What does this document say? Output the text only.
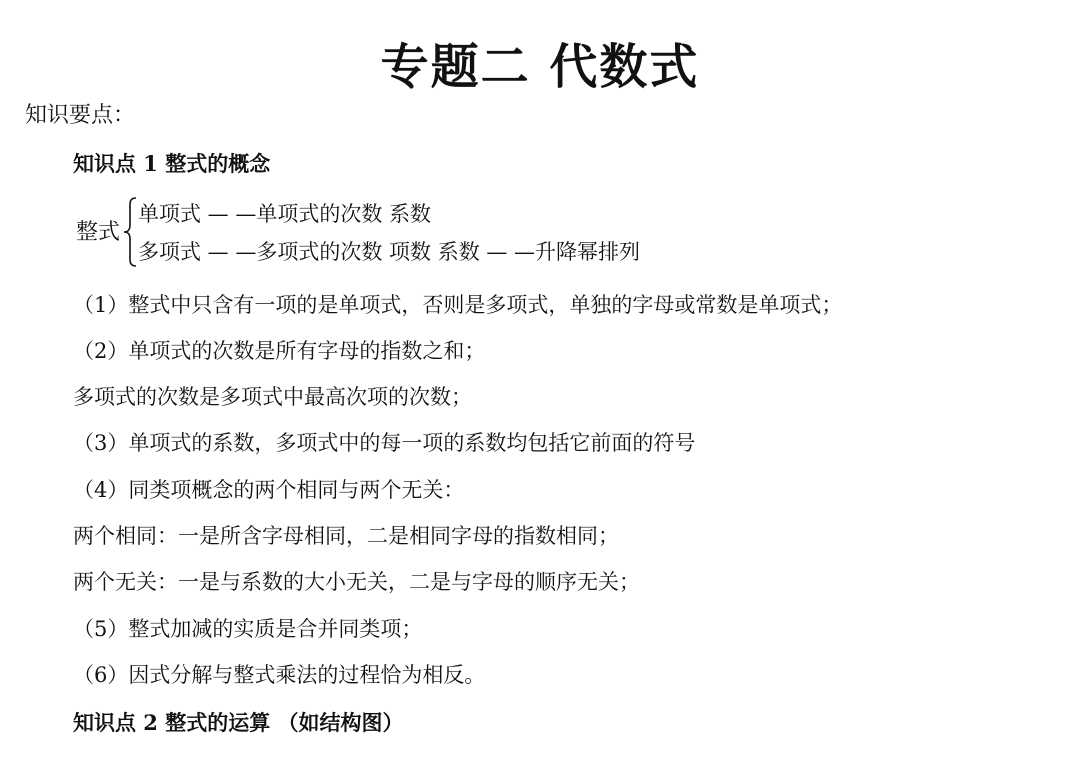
专题二 代数式
知识要点：
知识点 1 整式的概念
整式
单项式 — —单项式的次数 系数
多项式 — —多项式的次数 项数 系数 — —升降幂排列
（1）整式中只含有一项的是单项式，否则是多项式，单独的字母或常数是单项式；
（2）单项式的次数是所有字母的指数之和；
多项式的次数是多项式中最高次项的次数；
（3）单项式的系数，多项式中的每一项的系数均包括它前面的符号
（4）同类项概念的两个相同与两个无关：
两个相同：一是所含字母相同，二是相同字母的指数相同；
两个无关：一是与系数的大小无关，二是与字母的顺序无关；
（5）整式加减的实质是合并同类项；
（6）因式分解与整式乘法的过程恰为相反。
知识点 2 整式的运算 （如结构图）
